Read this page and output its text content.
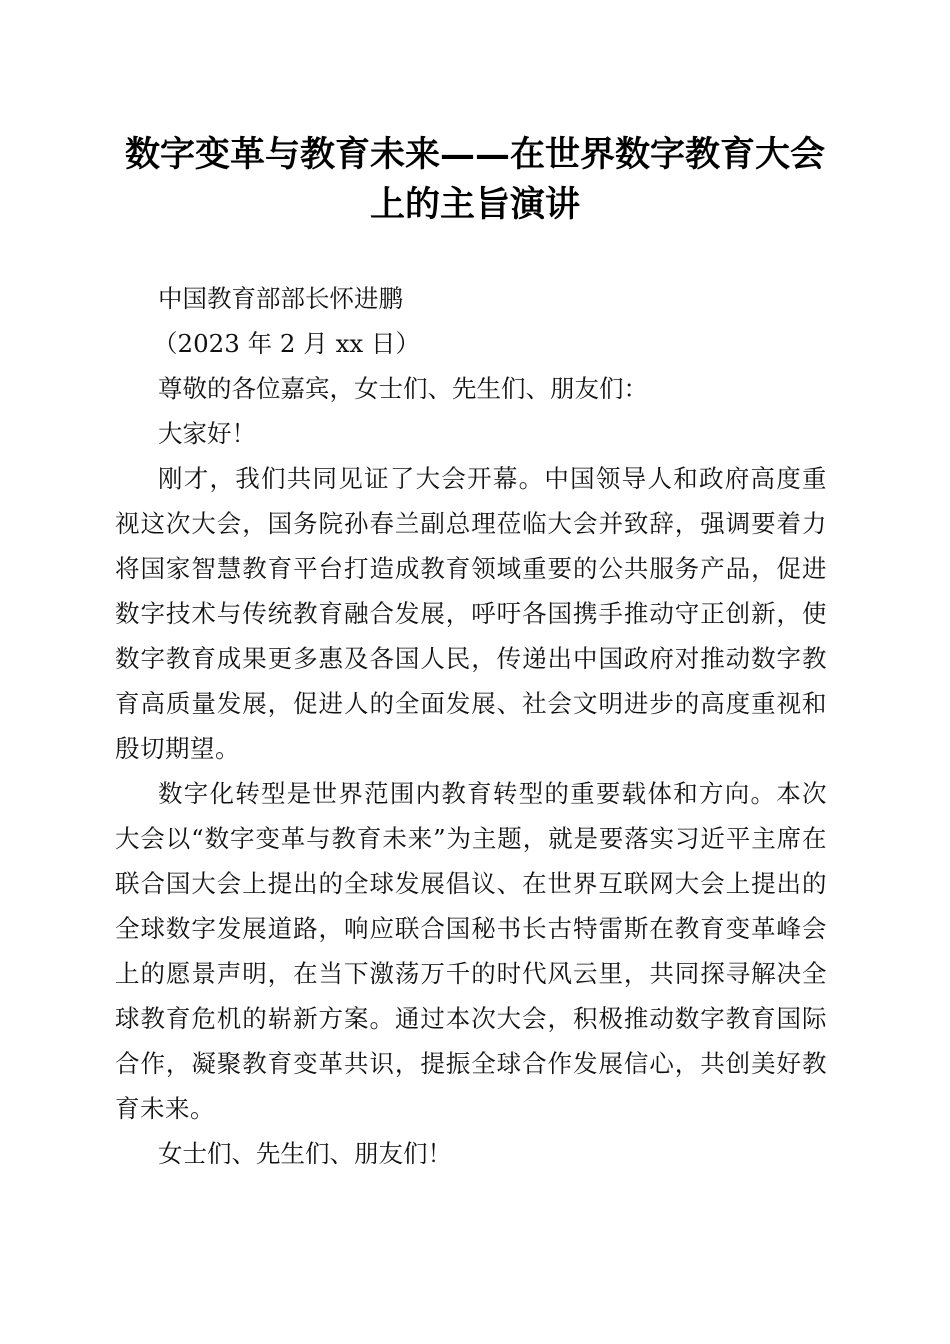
数字变革与教育未来——在世界数字教育大会
上的主旨演讲

中国教育部部长怀进鹏

（2023 年 2 月 xx 日）

尊敬的各位嘉宾，女士们、先生们、朋友们：

大家好！

刚才，我们共同见证了大会开幕。中国领导人和政府高度重视这次大会，国务院孙春兰副总理莅临大会并致辞，强调要着力将国家智慧教育平台打造成教育领域重要的公共服务产品，促进数字技术与传统教育融合发展，呼吁各国携手推动守正创新，使数字教育成果更多惠及各国人民，传递出中国政府对推动数字教育高质量发展，促进人的全面发展、社会文明进步的高度重视和殷切期望。

数字化转型是世界范围内教育转型的重要载体和方向。本次大会以“数字变革与教育未来”为主题，就是要落实习近平主席在联合国大会上提出的全球发展倡议、在世界互联网大会上提出的全球数字发展道路，响应联合国秘书长古特雷斯在教育变革峰会上的愿景声明，在当下激荡万千的时代风云里，共同探寻解决全球教育危机的崭新方案。通过本次大会，积极推动数字教育国际合作，凝聚教育变革共识，提振全球合作发展信心，共创美好教育未来。

女士们、先生们、朋友们！
